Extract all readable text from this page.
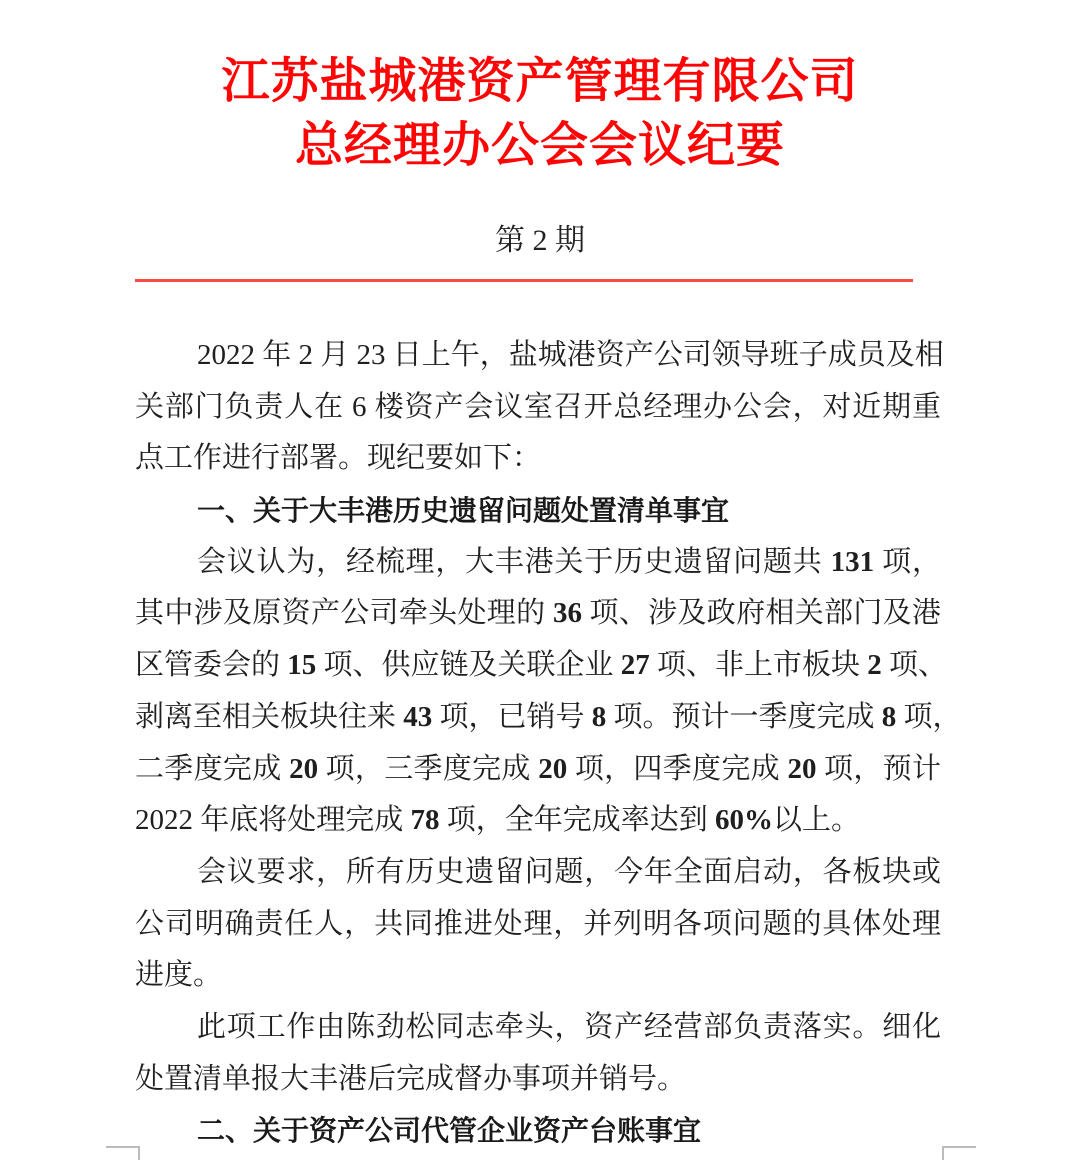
江苏盐城港资产管理有限公司
总经理办公会会议纪要
第 2 期
2022 年 2 月 23 日上午，盐城港资产公司领导班子成员及相
关部门负责人在 6 楼资产会议室召开总经理办公会，对近期重
点工作进行部署。现纪要如下：
一、关于大丰港历史遗留问题处置清单事宜
会议认为，经梳理，大丰港关于历史遗留问题共 131 项，
其中涉及原资产公司牵头处理的 36 项、涉及政府相关部门及港
区管委会的 15 项、供应链及关联企业 27 项、非上市板块 2 项、
剥离至相关板块往来 43 项，已销号 8 项。预计一季度完成 8 项，
二季度完成 20 项，三季度完成 20 项，四季度完成 20 项，预计
2022 年底将处理完成 78 项，全年完成率达到 60%以上。
会议要求，所有历史遗留问题，今年全面启动，各板块或
公司明确责任人，共同推进处理，并列明各项问题的具体处理
进度。
此项工作由陈劲松同志牵头，资产经营部负责落实。细化
处置清单报大丰港后完成督办事项并销号。
二、关于资产公司代管企业资产台账事宜
